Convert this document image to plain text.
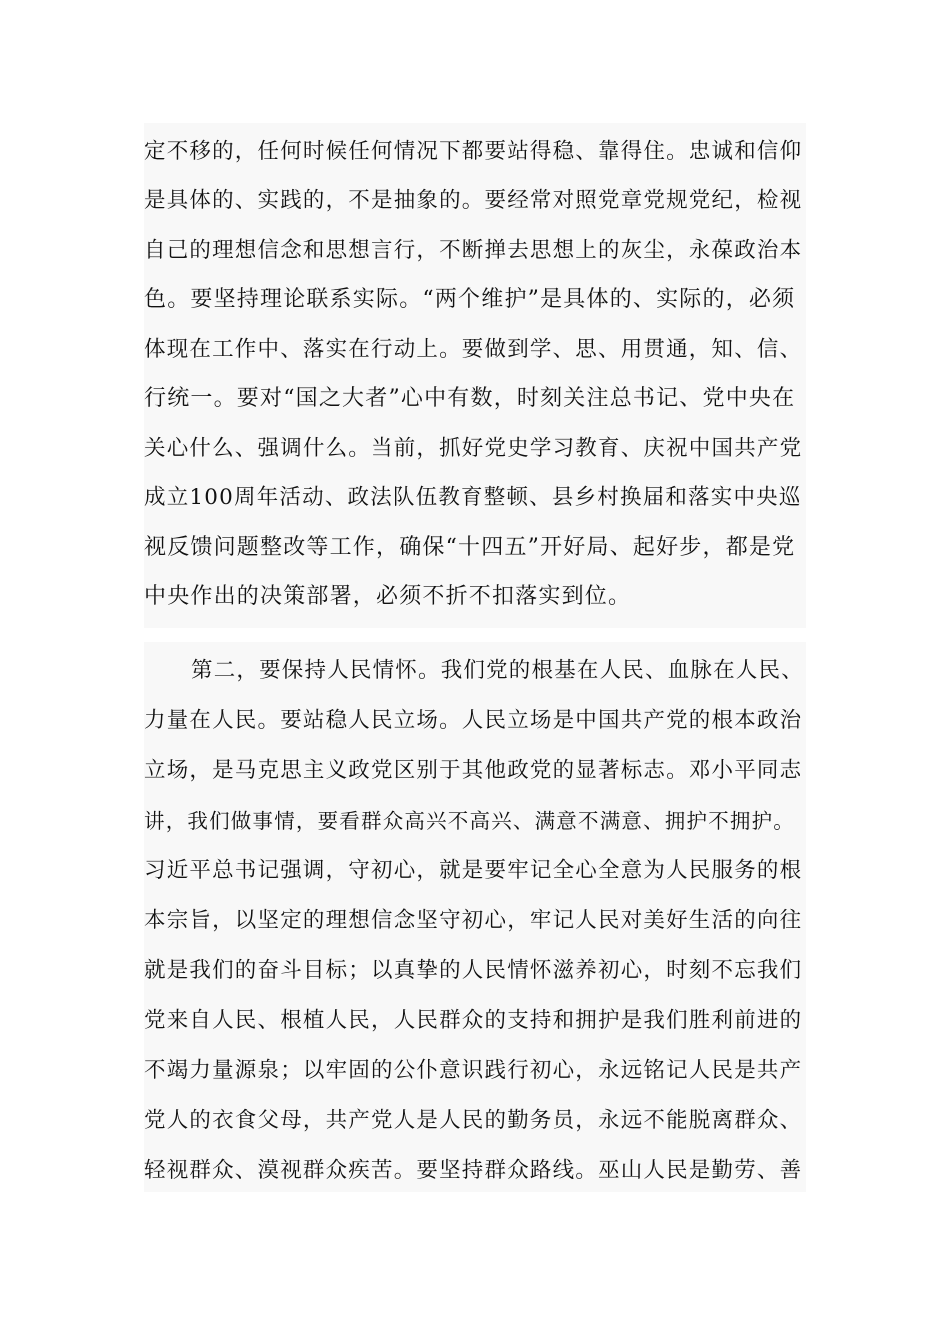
定不移的，任何时候任何情况下都要站得稳、靠得住。忠诚和信仰
是具体的、实践的，不是抽象的。要经常对照党章党规党纪，检视
自己的理想信念和思想言行，不断掸去思想上的灰尘，永葆政治本
色。要坚持理论联系实际。“两个维护”是具体的、实际的，必须
体现在工作中、落实在行动上。要做到学、思、用贯通，知、信、
行统一。要对“国之大者”心中有数，时刻关注总书记、党中央在
关心什么、强调什么。当前，抓好党史学习教育、庆祝中国共产党
成立100周年活动、政法队伍教育整顿、县乡村换届和落实中央巡
视反馈问题整改等工作，确保“十四五”开好局、起好步，都是党
中央作出的决策部署，必须不折不扣落实到位。
第二，要保持人民情怀。我们党的根基在人民、血脉在人民、
力量在人民。要站稳人民立场。人民立场是中国共产党的根本政治
立场，是马克思主义政党区别于其他政党的显著标志。邓小平同志
讲，我们做事情，要看群众高兴不高兴、满意不满意、拥护不拥护。
习近平总书记强调，守初心，就是要牢记全心全意为人民服务的根
本宗旨，以坚定的理想信念坚守初心，牢记人民对美好生活的向往
就是我们的奋斗目标；以真挚的人民情怀滋养初心，时刻不忘我们
党来自人民、根植人民，人民群众的支持和拥护是我们胜利前进的
不竭力量源泉；以牢固的公仆意识践行初心，永远铭记人民是共产
党人的衣食父母，共产党人是人民的勤务员，永远不能脱离群众、
轻视群众、漠视群众疾苦。要坚持群众路线。巫山人民是勤劳、善
